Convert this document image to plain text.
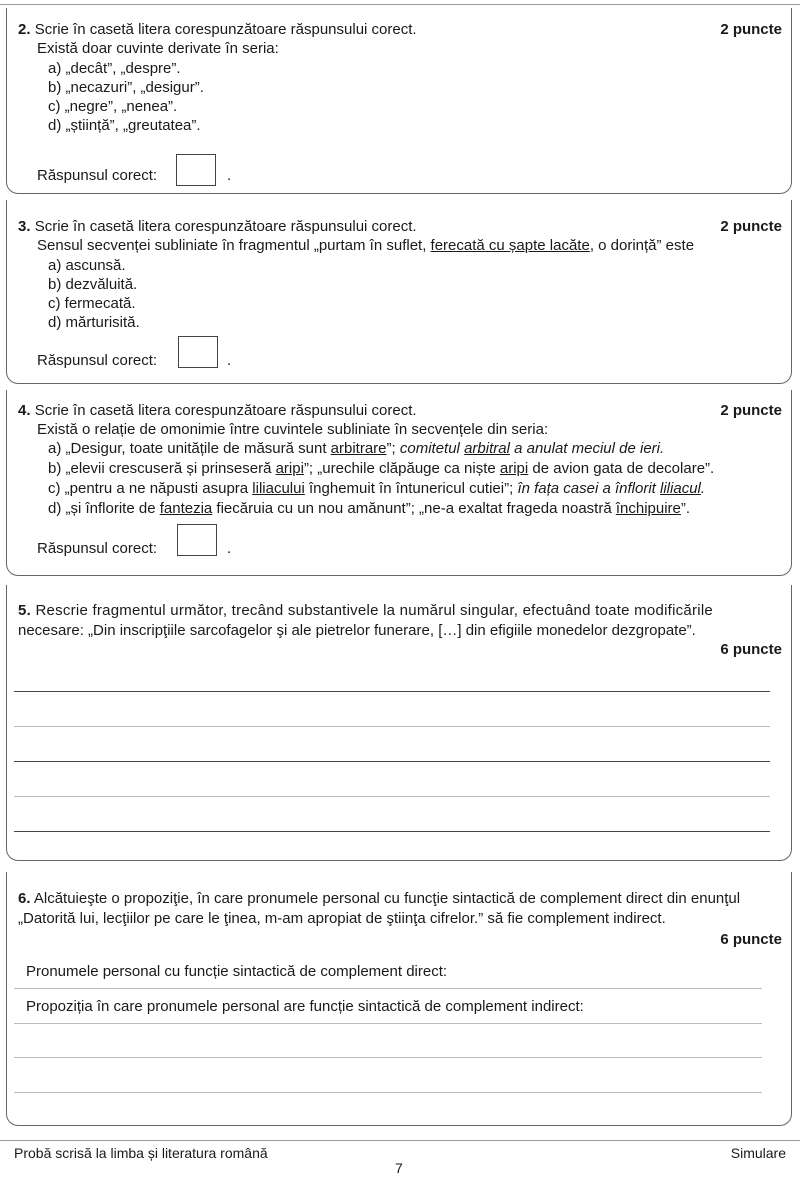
2. Scrie în casetă litera corespunzătoare răspunsului corect.	2 puncte
Există doar cuvinte derivate în seria:
a) „decât”, „despre”.
b) „necazuri”, „desigur”.
c) „negre”, „nenea”.
d) „știință”, „greutatea”.
Răspunsul corect:	.
3. Scrie în casetă litera corespunzătoare răspunsului corect.	2 puncte
Sensul secvenței subliniate în fragmentul „purtam în suflet, ferecată cu șapte lacăte, o dorință” este
a) ascunsă.
b) dezvăluită.
c) fermecată.
d) mărturisită.
Răspunsul corect:	.
4. Scrie în casetă litera corespunzătoare răspunsului corect.	2 puncte
Există o relație de omonimie între cuvintele subliniate în secvențele din seria:
a) „Desigur, toate unitățile de măsură sunt arbitrare”; comitetul arbitral a anulat meciul de ieri.
b) „elevii crescuseră și prinseseră aripi”; „urechile clăpăuge ca niște aripi de avion gata de decolare”.
c) „pentru a ne năpusti asupra liliacului înghemuit în întunericul cutiei”; în fața casei a înflorit liliacul.
d) „și înflorite de fantezia fiecăruia cu un nou amănunt”; „ne-a exaltat frageda noastră închipuire”.
Răspunsul corect:	.
5. Rescrie fragmentul următor, trecând substantivele la numărul singular, efectuând toate modificările
necesare: „Din inscripţiile sarcofagelor şi ale pietrelor funerare, […] din efigiile monedelor dezgropate”.
6 puncte
6. Alcătuieşte o propoziţie, în care pronumele personal cu funcţie sintactică de complement direct din enunţul
„Datorită lui, lecţiilor pe care le ţinea, m-am apropiat de ştiinţa cifrelor.” să fie complement indirect.
6 puncte
Pronumele personal cu funcție sintactică de complement direct:
Propoziția în care pronumele personal are funcție sintactică de complement indirect:
Probă scrisă la limba și literatura română	Simulare
7
